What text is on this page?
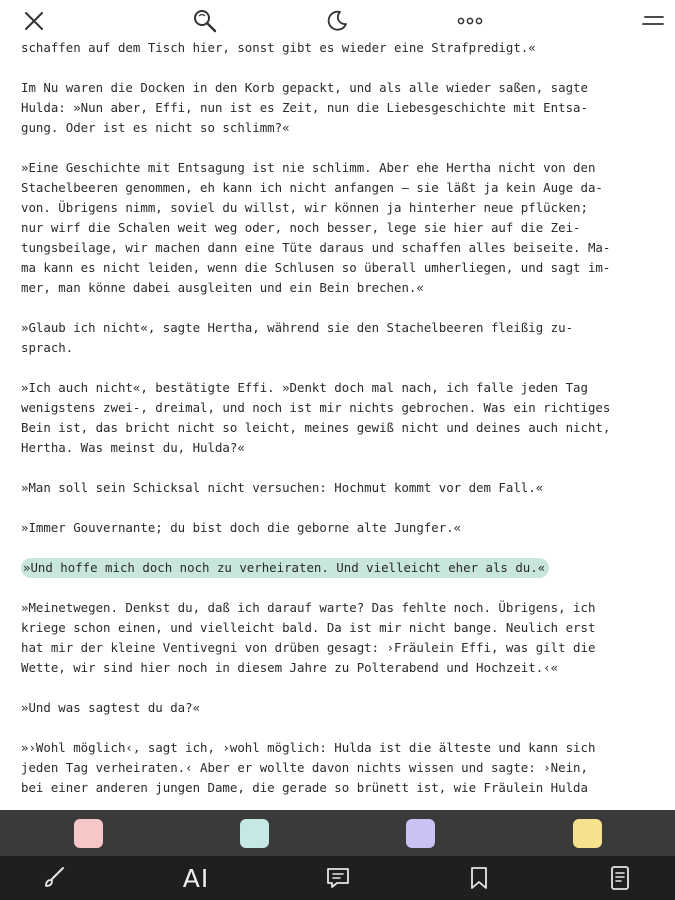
schaffen auf dem Tisch hier, sonst gibt es wieder eine Strafpredigt.«

Im Nu waren die Docken in den Korb gepackt, und als alle wieder saßen, sagte
Hulda: »Nun aber, Effi, nun ist es Zeit, nun die Liebesgeschichte mit Entsa-
gung. Oder ist es nicht so schlimm?«

»Eine Geschichte mit Entsagung ist nie schlimm. Aber ehe Hertha nicht von den
Stachelbeeren genommen, eh kann ich nicht anfangen – sie läßt ja kein Auge da-
von. Übrigens nimm, soviel du willst, wir können ja hinterher neue pflücken;
nur wirf die Schalen weit weg oder, noch besser, lege sie hier auf die Zei-
tungsbeilage, wir machen dann eine Tüte daraus und schaffen alles beiseite. Ma-
ma kann es nicht leiden, wenn die Schlusen so überall umherliegen, und sagt im-
mer, man könne dabei ausgleiten und ein Bein brechen.«

»Glaub ich nicht«, sagte Hertha, während sie den Stachelbeeren fleißig zu-
sprach.

»Ich auch nicht«, bestätigte Effi. »Denkt doch mal nach, ich falle jeden Tag
wenigstens zwei-, dreimal, und noch ist mir nichts gebrochen. Was ein richtiges
Bein ist, das bricht nicht so leicht, meines gewiß nicht und deines auch nicht,
Hertha. Was meinst du, Hulda?«

»Man soll sein Schicksal nicht versuchen: Hochmut kommt vor dem Fall.«

»Immer Gouvernante; du bist doch die geborne alte Jungfer.«

»Und hoffe mich doch noch zu verheiraten. Und vielleicht eher als du.«

»Meinetwegen. Denkst du, daß ich darauf warte? Das fehlte noch. Übrigens, ich
kriege schon einen, und vielleicht bald. Da ist mir nicht bange. Neulich erst
hat mir der kleine Ventivegni von drüben gesagt: ›Fräulein Effi, was gilt die
Wette, wir sind hier noch in diesem Jahre zu Polterabend und Hochzeit.‹«

»Und was sagtest du da?«

»›Wohl möglich‹, sagt ich, ›wohl möglich: Hulda ist die älteste und kann sich
jeden Tag verheiraten.‹ Aber er wollte davon nichts wissen und sagte: ›Nein,
bei einer anderen jungen Dame, die gerade so brünett ist, wie Fräulein Hulda

AI
